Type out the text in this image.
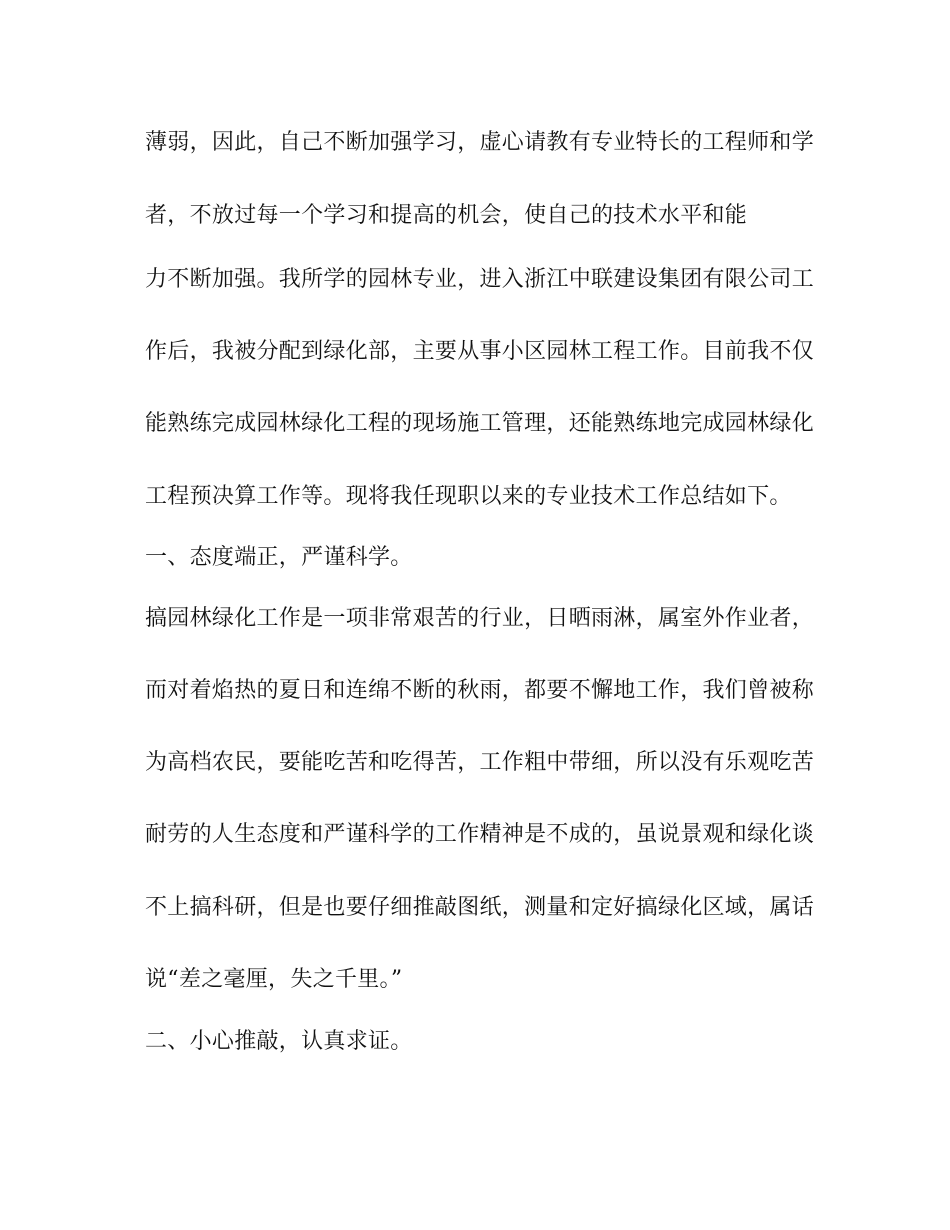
薄弱，因此，自己不断加强学习，虚心请教有专业特长的工程师和学
者，不放过每一个学习和提高的机会，使自己的技术水平和能
力不断加强。我所学的园林专业，进入浙江中联建设集团有限公司工
作后，我被分配到绿化部，主要从事小区园林工程工作。目前我不仅
能熟练完成园林绿化工程的现场施工管理，还能熟练地完成园林绿化
工程预决算工作等。现将我任现职以来的专业技术工作总结如下。
一、态度端正，严谨科学。
搞园林绿化工作是一项非常艰苦的行业，日晒雨淋，属室外作业者，
而对着焰热的夏日和连绵不断的秋雨，都要不懈地工作，我们曾被称
为高档农民，要能吃苦和吃得苦，工作粗中带细，所以没有乐观吃苦
耐劳的人生态度和严谨科学的工作精神是不成的，虽说景观和绿化谈
不上搞科研，但是也要仔细推敲图纸，测量和定好搞绿化区域，属话
说“差之毫厘，失之千里。”
二、小心推敲，认真求证。
